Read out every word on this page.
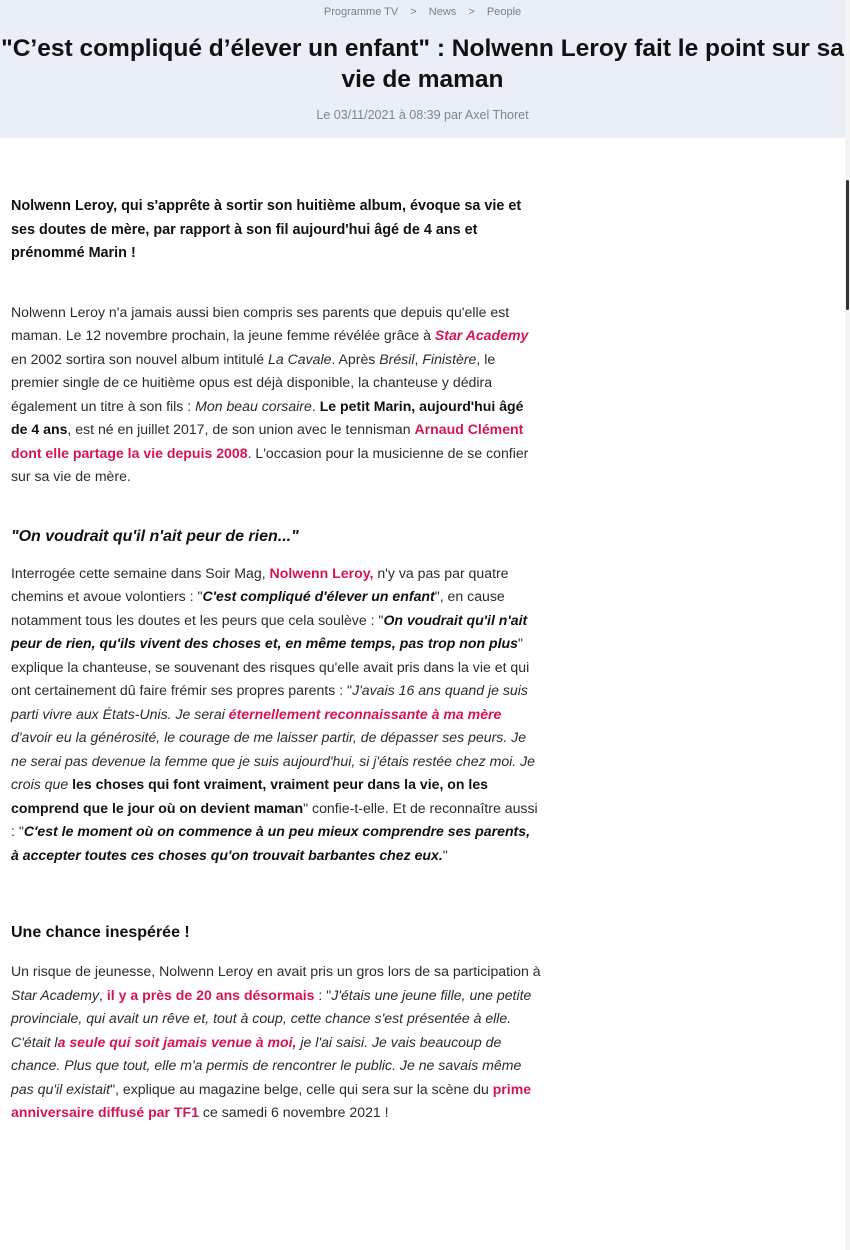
Programme TV > News > People
"C’est compliqué d’élever un enfant" : Nolwenn Leroy fait le point sur sa vie de maman
Le 03/11/2021 à 08:39 par Axel Thoret

Nolwenn Leroy, qui s'apprête à sortir son huitième album, évoque sa vie et ses doutes de mère, par rapport à son fil aujourd'hui âgé de 4 ans et prénommé Marin !

Nolwenn Leroy n'a jamais aussi bien compris ses parents que depuis qu'elle est maman. Le 12 novembre prochain, la jeune femme révélée grâce à Star Academy en 2002 sortira son nouvel album intitulé La Cavale. Après Brésil, Finistère, le premier single de ce huitième opus est déjà disponible, la chanteuse y dédira également un titre à son fils : Mon beau corsaire. Le petit Marin, aujourd'hui âgé de 4 ans, est né en juillet 2017, de son union avec le tennisman Arnaud Clément dont elle partage la vie depuis 2008. L'occasion pour la musicienne de se confier sur sa vie de mère.

"On voudrait qu'il n'ait peur de rien..."

Interrogée cette semaine dans Soir Mag, Nolwenn Leroy, n'y va pas par quatre chemins et avoue volontiers : "C'est compliqué d'élever un enfant", en cause notamment tous les doutes et les peurs que cela soulève : "On voudrait qu'il n'ait peur de rien, qu'ils vivent des choses et, en même temps, pas trop non plus" explique la chanteuse, se souvenant des risques qu'elle avait pris dans la vie et qui ont certainement dû faire frémir ses propres parents : "J'avais 16 ans quand je suis parti vivre aux États-Unis. Je serai éternellement reconnaissante à ma mère d'avoir eu la générosité, le courage de me laisser partir, de dépasser ses peurs. Je ne serai pas devenue la femme que je suis aujourd'hui, si j'étais restée chez moi. Je crois que les choses qui font vraiment, vraiment peur dans la vie, on les comprend que le jour où on devient maman" confie-t-elle. Et de reconnaître aussi : "C'est le moment où on commence à un peu mieux comprendre ses parents, à accepter toutes ces choses qu'on trouvait barbantes chez eux."

Une chance inespérée !

Un risque de jeunesse, Nolwenn Leroy en avait pris un gros lors de sa participation à Star Academy, il y a près de 20 ans désormais : "J'étais une jeune fille, une petite provinciale, qui avait un rêve et, tout à coup, cette chance s'est présentée à elle. C'était la seule qui soit jamais venue à moi, je l'ai saisi. Je vais beaucoup de chance. Plus que tout, elle m'a permis de rencontrer le public. Je ne savais même pas qu'il existait", explique au magazine belge, celle qui sera sur la scène du prime anniversaire diffusé par TF1 ce samedi 6 novembre 2021 !
